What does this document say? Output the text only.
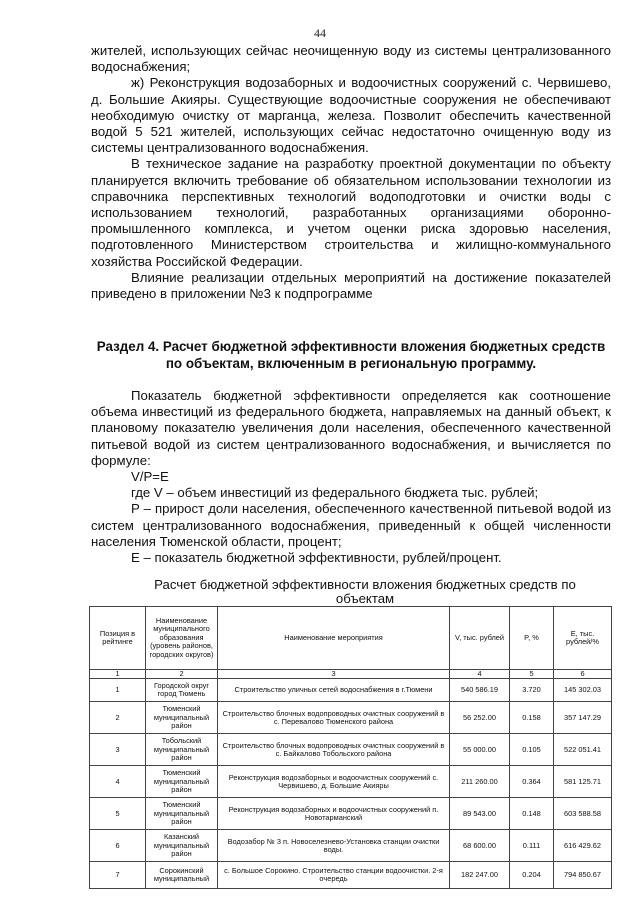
44

жителей, использующих сейчас неочищенную воду из системы централизованного водоснабжения;

ж) Реконструкция водозаборных и водоочистных сооружений с. Червишево, д. Большие Акияры. Существующие водоочистные сооружения не обеспечивают необходимую очистку от марганца, железа. Позволит обеспечить качественной водой 5 521 жителей, использующих сейчас недостаточно очищенную воду из системы централизованного водоснабжения.

В техническое задание на разработку проектной документации по объекту планируется включить требование об обязательном использовании технологии из справочника перспективных технологий водоподготовки и очистки воды с использованием технологий, разработанных организациями оборонно-промышленного комплекса, и учетом оценки риска здоровью населения, подготовленного Министерством строительства и жилищно-коммунального хозяйства Российской Федерации.

Влияние реализации отдельных мероприятий на достижение показателей приведено в приложении №3 к подпрограмме

Раздел 4. Расчет бюджетной эффективности вложения бюджетных средств по объектам, включенным в региональную программу.

Показатель бюджетной эффективности определяется как соотношение объема инвестиций из федерального бюджета, направляемых на данный объект, к плановому показателю увеличения доли населения, обеспеченного качественной питьевой водой из систем централизованного водоснабжения, и вычисляется по формуле:

V/P=E

где V – объем инвестиций из федерального бюджета тыс. рублей;

P – прирост доли населения, обеспеченного качественной питьевой водой из систем централизованного водоснабжения, приведенный к общей численности населения Тюменской области, процент;

E – показатель бюджетной эффективности, рублей/процент.

Расчет бюджетной эффективности вложения бюджетных средств по объектам

Позиция в рейтинге	Наименование муниципального образования (уровень районов, городских округов)	Наименование мероприятия	V, тыс. рублей	P, %	E, тыс. рублей/%
1	2	3	4	5	6
1	Городской округ город Тюмень	Строительство уличных сетей водоснабжения в г.Тюмени	540 586.19	3.720	145 302.03
2	Тюменский муниципальный район	Строительство блочных водопроводных очистных сооружений в с. Перевалово Тюменского района	56 252.00	0.158	357 147.29
3	Тобольский муниципальный район	Строительство блочных водопроводных очистных сооружений в с. Байкалово Тобольского района	55 000.00	0.105	522 051.41
4	Тюменский муниципальный район	Реконструкция водозаборных и водоочистных сооружений с. Червишево, д. Большие Акияры	211 260.00	0.364	581 125.71
5	Тюменский муниципальный район	Реконструкция водозаборных и водоочистных сооружений п. Новотарманский	89 543.00	0.148	603 588.58
6	Казанский муниципальный район	Водозабор № 3 п. Новоселезнево-Установка станции очистки воды.	68 600.00	0.111	616 429.62
7	Сорокинский муниципальный	с. Большое Сорокино. Строительство станции водоочистки. 2-я очередь	182 247.00	0.204	794 850.67
